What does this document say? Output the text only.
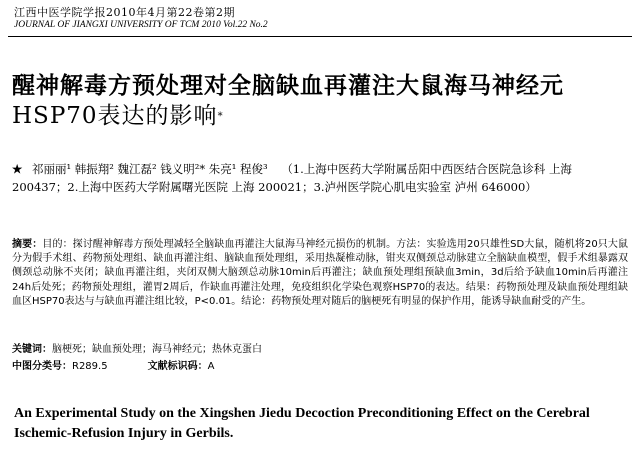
江西中医学院学报2010年4月第22卷第2期
JOURNAL OF JIANGXI UNIVERSITY OF TCM 2010 Vol.22 No.2
醒神解毒方预处理对全脑缺血再灌注大鼠海马神经元
HSP70表达的影响*
★ 祁丽丽¹ 韩振翔² 魏江磊² 钱义明²* 朱亮¹ 程俊³ （1.上海中医药大学附属岳阳中西医结合医院急诊科 上海 200437；2.上海中医药大学附属曙光医院 上海 200021；3.泸州医学院心肌电实验室 泸州 646000）
摘要：目的：探讨醒神解毒方预处理减轻全脑缺血再灌注大鼠海马神经元损伤的机制。方法：实验选用20只雄性SD大鼠，随机将20只大鼠分为假手术组、药物预处理组、缺血再灌注组、脑缺血预处理组，采用热凝椎动脉，钳夹双侧颈总动脉建立全脑缺血模型，假手术组暴露双侧颈总动脉不夹闭；缺血再灌注组，夹闭双侧大脑颈总动脉10min后再灌注；缺血预处理组预缺血3min，3d后给予缺血10min后再灌注24h后处死；药物预处理组，灌胃2周后，作缺血再灌注处理，免疫组织化学染色观察HSP70的表达。结果：药物预处理及缺血预处理组缺血区HSP70表达与与缺血再灌注组比较，P<0.01。结论：药物预处理对随后的脑梗死有明显的保护作用，能诱导缺血耐受的产生。
关键词：脑梗死；缺血预处理；海马神经元；热休克蛋白
中图分类号：R289.5	文献标识码：A
An Experimental Study on the Xingshen Jiedu Decoction Preconditioning Effect on the Cerebral Ischemic-Refusion Injury in Gerbils.
